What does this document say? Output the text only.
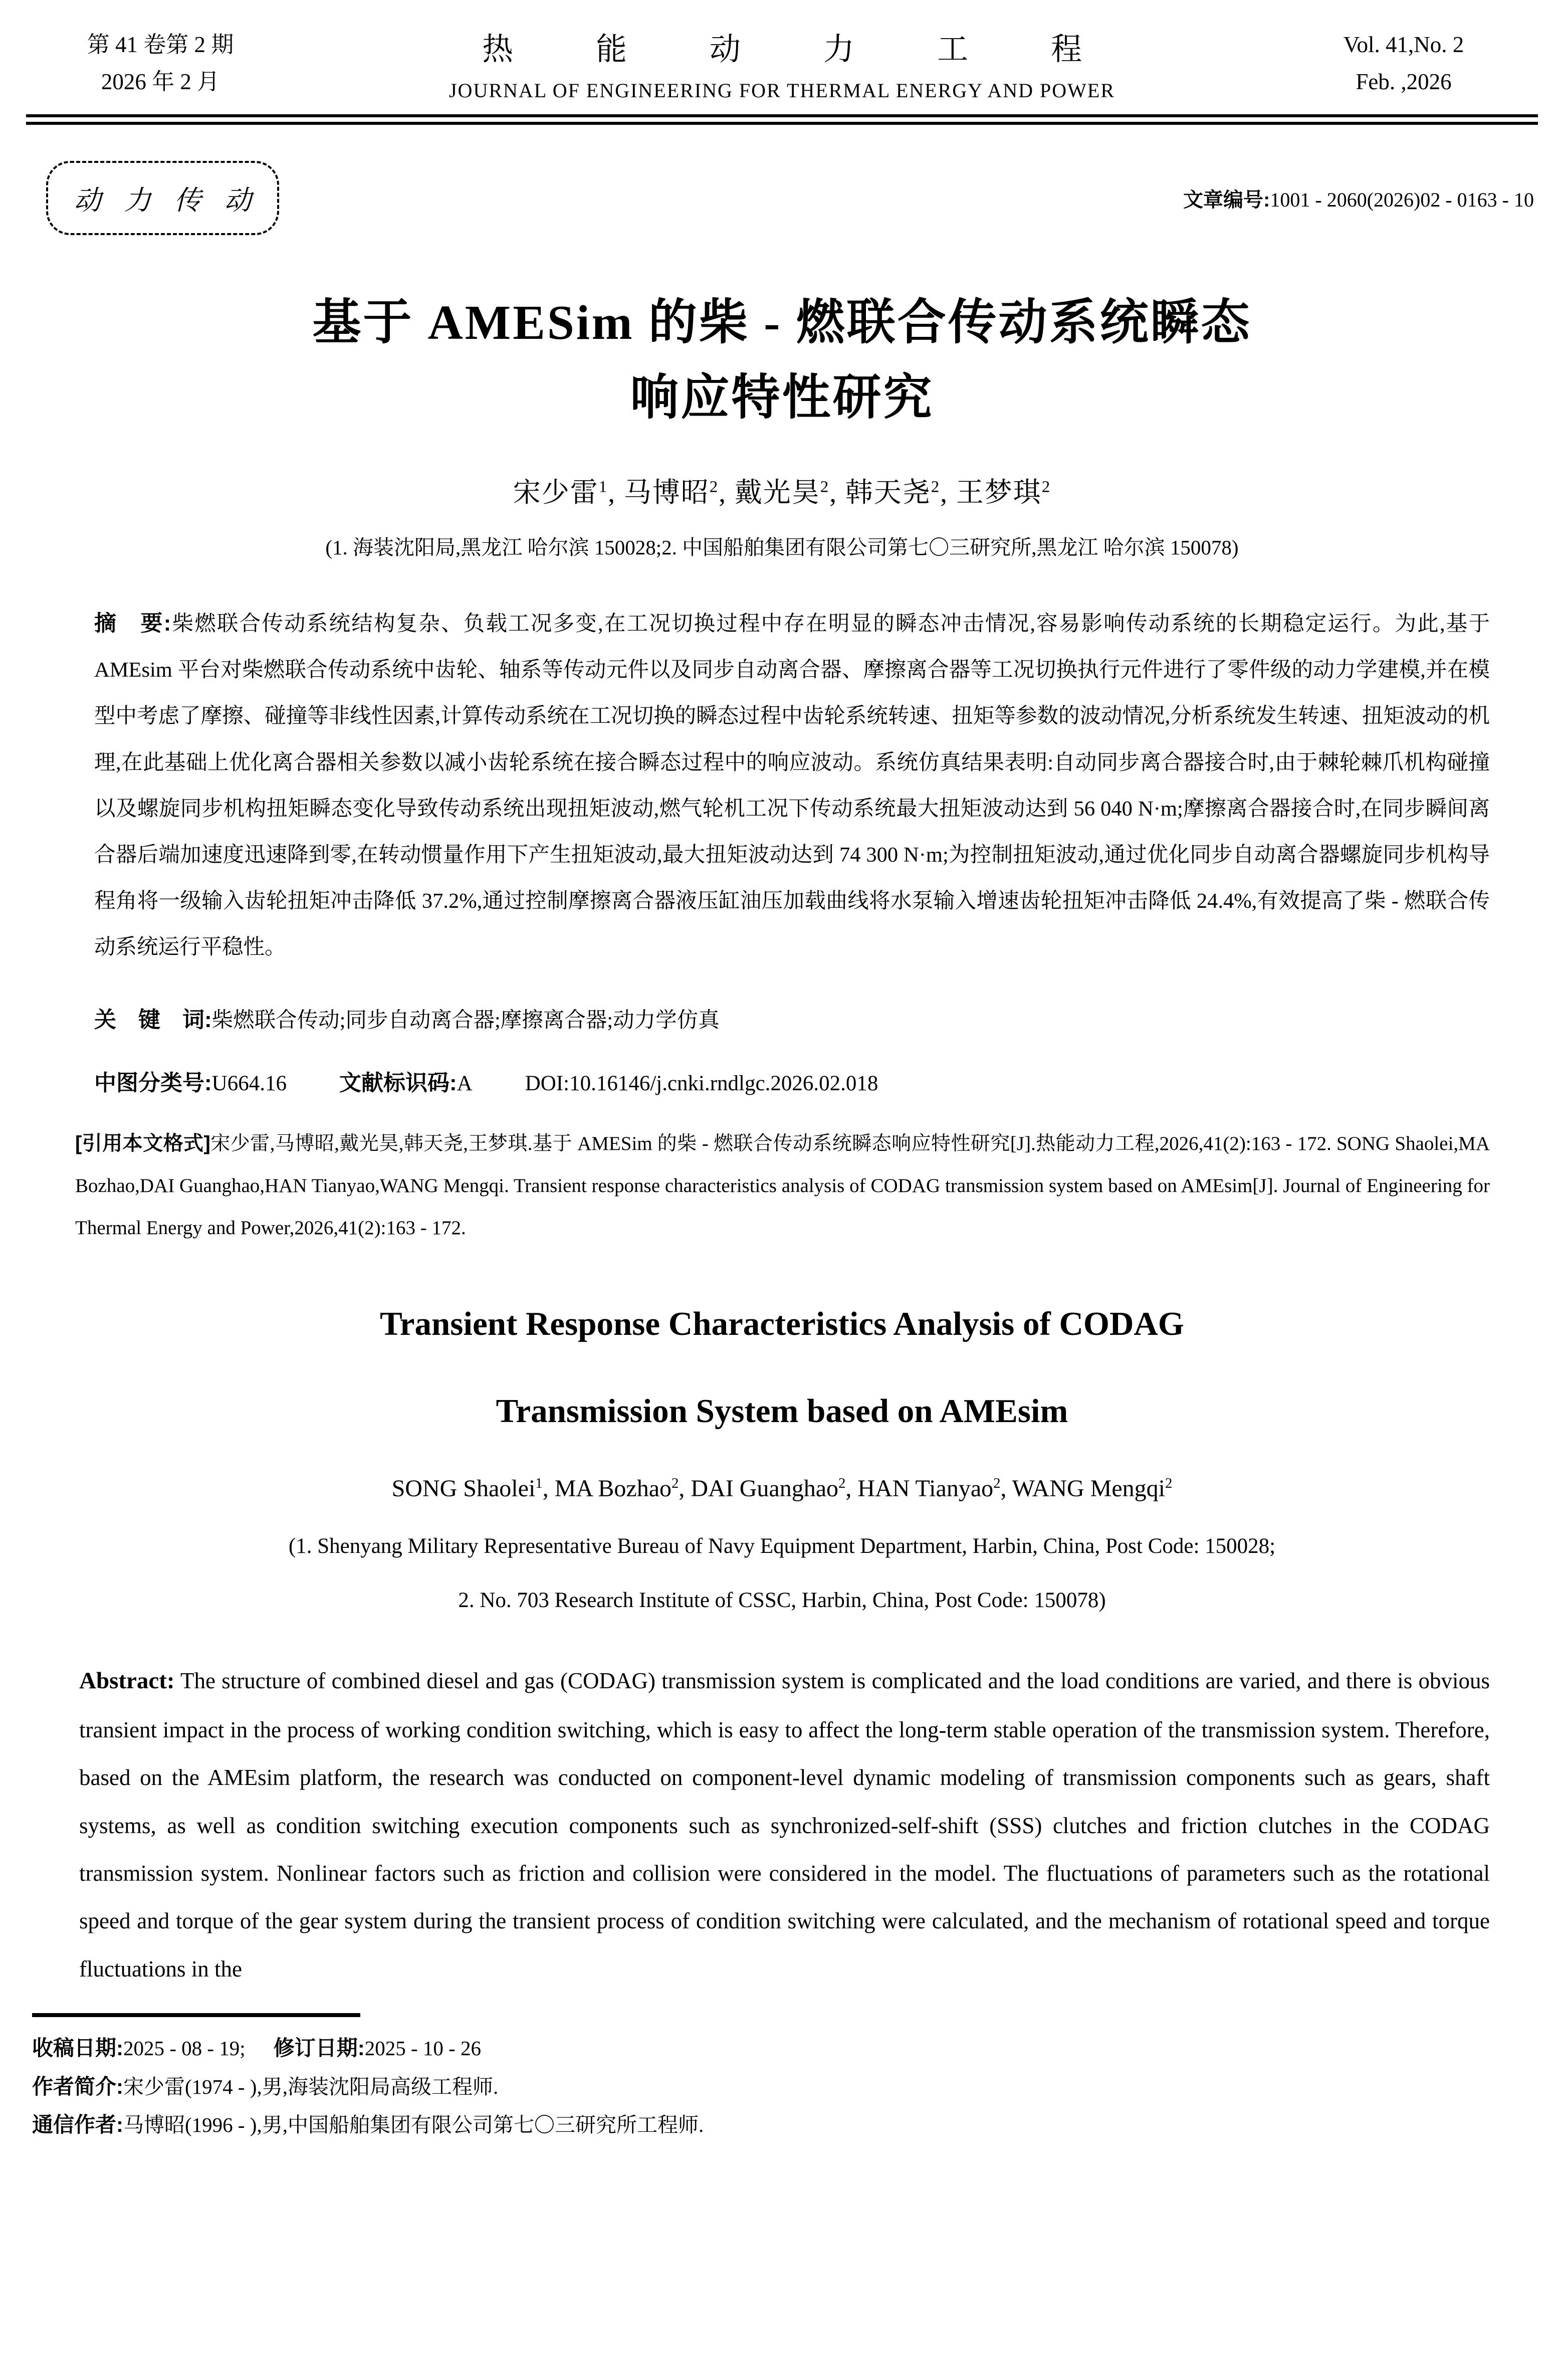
第 41 卷第 2 期
2026 年 2 月
热能动力工程
JOURNAL OF ENGINEERING FOR THERMAL ENERGY AND POWER
Vol. 41,No. 2
Feb. ,2026
动力传动	文章编号:1001 - 2060(2026)02 - 0163 - 10
基于 AMESim 的柴 - 燃联合传动系统瞬态
响应特性研究
宋少雷$^1$, 马博昭$^2$, 戴光昊$^2$, 韩天尧$^2$, 王梦琪$^2$
(1. 海装沈阳局,黑龙江 哈尔滨 150028;2. 中国船舶集团有限公司第七〇三研究所,黑龙江 哈尔滨 150078)

摘　要:柴燃联合传动系统结构复杂、负载工况多变,在工况切换过程中存在明显的瞬态冲击情况,容易影响传动系统的长期稳定运行。为此,基于 AMEsim 平台对柴燃联合传动系统中齿轮、轴系等传动元件以及同步自动离合器、摩擦离合器等工况切换执行元件进行了零件级的动力学建模,并在模型中考虑了摩擦、碰撞等非线性因素,计算传动系统在工况切换的瞬态过程中齿轮系统转速、扭矩等参数的波动情况,分析系统发生转速、扭矩波动的机理,在此基础上优化离合器相关参数以减小齿轮系统在接合瞬态过程中的响应波动。系统仿真结果表明:自动同步离合器接合时,由于棘轮棘爪机构碰撞以及螺旋同步机构扭矩瞬态变化导致传动系统出现扭矩波动,燃气轮机工况下传动系统最大扭矩波动达到 56 040 N·m;摩擦离合器接合时,在同步瞬间离合器后端加速度迅速降到零,在转动惯量作用下产生扭矩波动,最大扭矩波动达到 74 300 N·m;为控制扭矩波动,通过优化同步自动离合器螺旋同步机构导程角将一级输入齿轮扭矩冲击降低 37.2%,通过控制摩擦离合器液压缸油压加载曲线将水泵输入增速齿轮扭矩冲击降低 24.4%,有效提高了柴 - 燃联合传动系统运行平稳性。

关　键　词:柴燃联合传动;同步自动离合器;摩擦离合器;动力学仿真

中图分类号:U664.16 文献标识码:A DOI:10.16146/j.cnki.rndlgc.2026.02.018

[引用本文格式]宋少雷,马博昭,戴光昊,韩天尧,王梦琪.基于 AMESim 的柴 - 燃联合传动系统瞬态响应特性研究[J].热能动力工程,2026,41(2):163 - 172. SONG Shaolei,MA Bozhao,DAI Guanghao,HAN Tianyao,WANG Mengqi. Transient response characteristics analysis of CODAG transmission system based on AMEsim[J]. Journal of Engineering for Thermal Energy and Power,2026,41(2):163 - 172.

Transient Response Characteristics Analysis of CODAG
Transmission System based on AMEsim
SONG Shaolei$^1$, MA Bozhao$^2$, DAI Guanghao$^2$, HAN Tianyao$^2$, WANG Mengqi$^2$
(1. Shenyang Military Representative Bureau of Navy Equipment Department, Harbin, China, Post Code: 150028;
2. No. 703 Research Institute of CSSC, Harbin, China, Post Code: 150078)

Abstract: The structure of combined diesel and gas (CODAG) transmission system is complicated and the load conditions are varied, and there is obvious transient impact in the process of working condition switching, which is easy to affect the long-term stable operation of the transmission system. Therefore, based on the AMEsim platform, the research was conducted on component-level dynamic modeling of transmission components such as gears, shaft systems, as well as condition switching execution components such as synchronized-self-shift (SSS) clutches and friction clutches in the CODAG transmission system. Nonlinear factors such as friction and collision were considered in the model. The fluctuations of parameters such as the rotational speed and torque of the gear system during the transient process of condition switching were calculated, and the mechanism of rotational speed and torque fluctuations in the

收稿日期:2025 - 08 - 19; 修订日期:2025 - 10 - 26
作者简介:宋少雷(1974 - ),男,海装沈阳局高级工程师.
通信作者:马博昭(1996 - ),男,中国船舶集团有限公司第七〇三研究所工程师.
